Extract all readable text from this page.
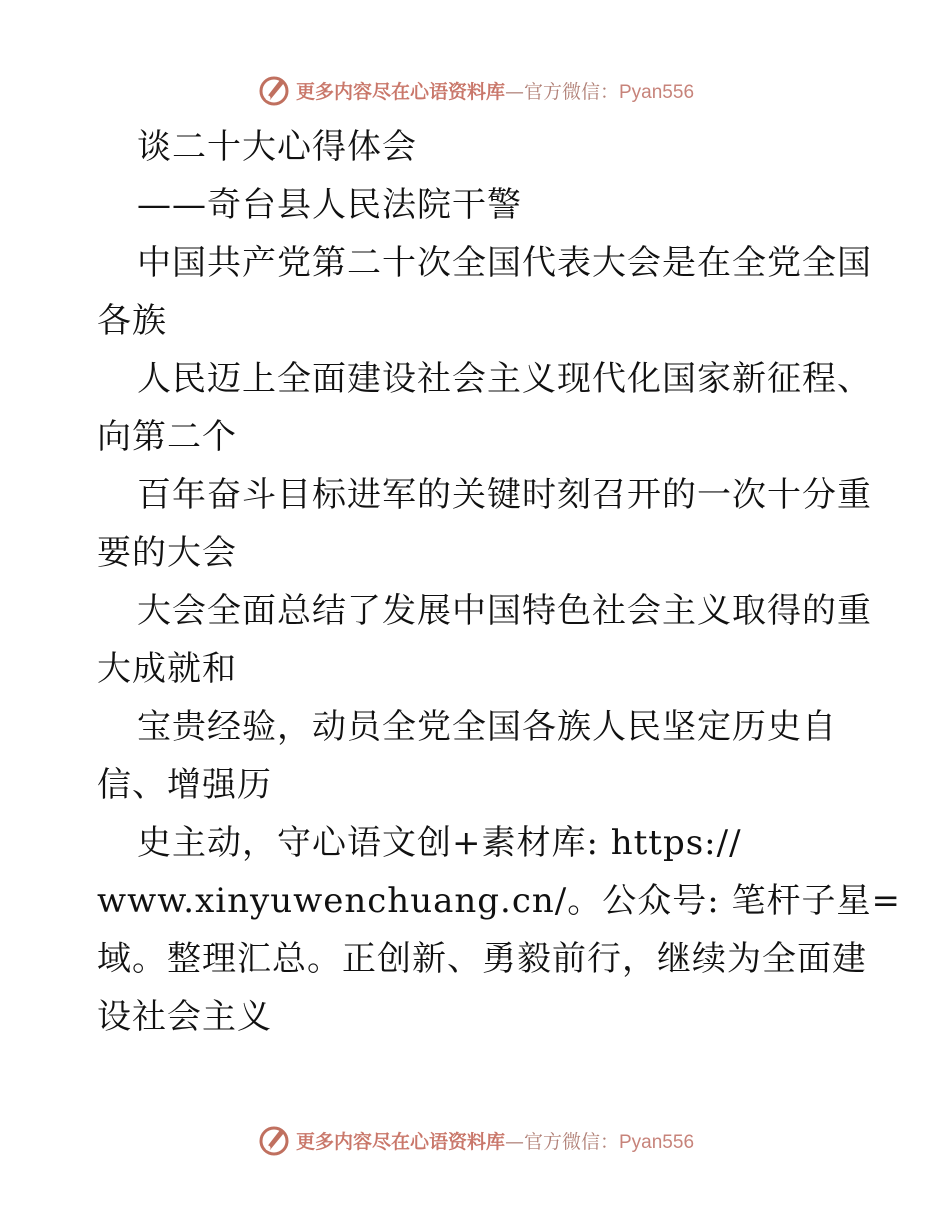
更多内容尽在心语资料库—官方微信：Pyan556
谈二十大心得体会
——奇台县人民法院干警
中国共产党第二十次全国代表大会是在全党全国
各族
人民迈上全面建设社会主义现代化国家新征程、
向第二个
百年奋斗目标进军的关键时刻召开的一次十分重
要的大会
大会全面总结了发展中国特色社会主义取得的重
大成就和
宝贵经验，动员全党全国各族人民坚定历史自
信、增强历
史主动，守心语文创+素材库: https://
www.xinyuwenchuang.cn/。公众号: 笔杆子星=
域。整理汇总。正创新、勇毅前行，继续为全面建
设社会主义
更多内容尽在心语资料库—官方微信：Pyan556
